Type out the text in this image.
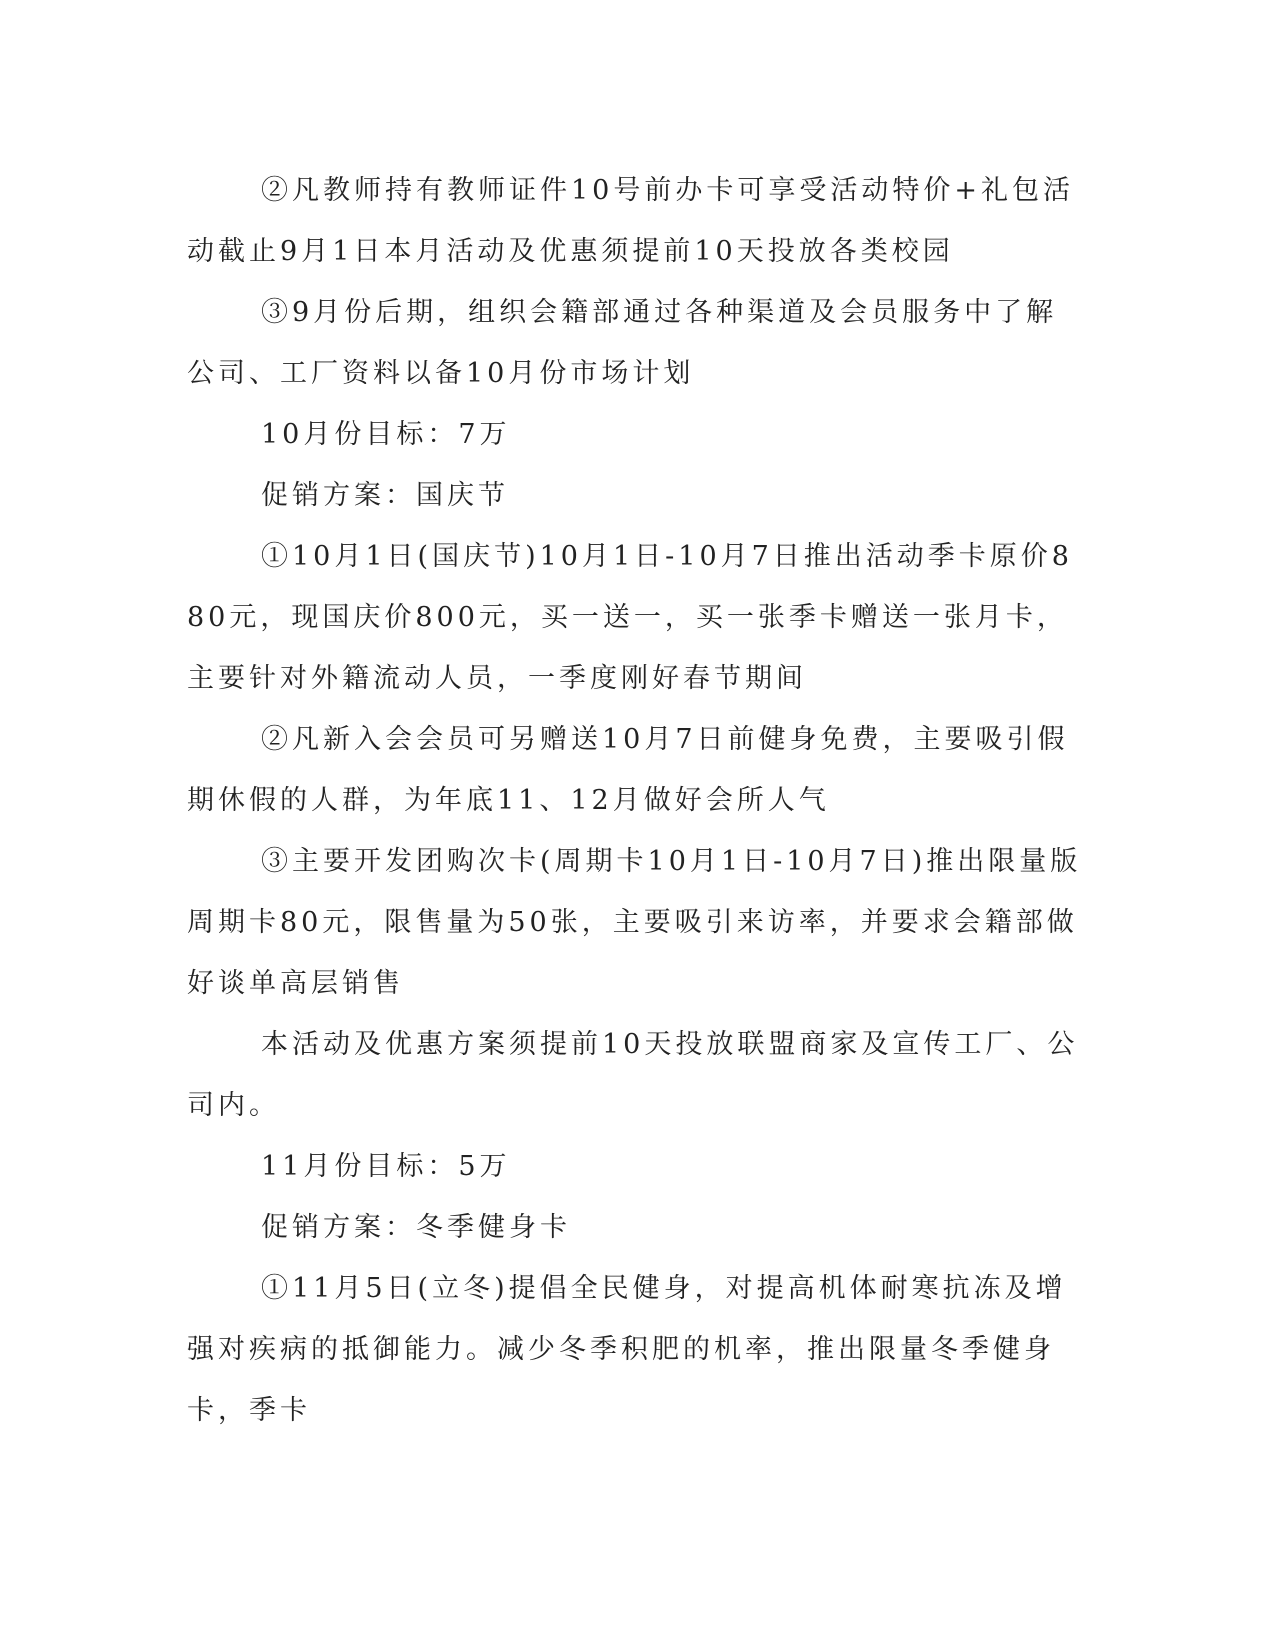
②凡教师持有教师证件10号前办卡可享受活动特价+礼包活动截止9月1日本月活动及优惠须提前10天投放各类校园

③9月份后期，组织会籍部通过各种渠道及会员服务中了解公司、工厂资料以备10月份市场计划

10月份目标：7万

促销方案：国庆节

①10月1日(国庆节)10月1日-10月7日推出活动季卡原价880元，现国庆价800元，买一送一，买一张季卡赠送一张月卡，主要针对外籍流动人员，一季度刚好春节期间

②凡新入会会员可另赠送10月7日前健身免费，主要吸引假期休假的人群，为年底11、12月做好会所人气

③主要开发团购次卡(周期卡10月1日-10月7日)推出限量版周期卡80元，限售量为50张，主要吸引来访率，并要求会籍部做好谈单高层销售

本活动及优惠方案须提前10天投放联盟商家及宣传工厂、公司内。

11月份目标：5万

促销方案：冬季健身卡

①11月5日(立冬)提倡全民健身，对提高机体耐寒抗冻及增强对疾病的抵御能力。减少冬季积肥的机率，推出限量冬季健身卡，季卡
